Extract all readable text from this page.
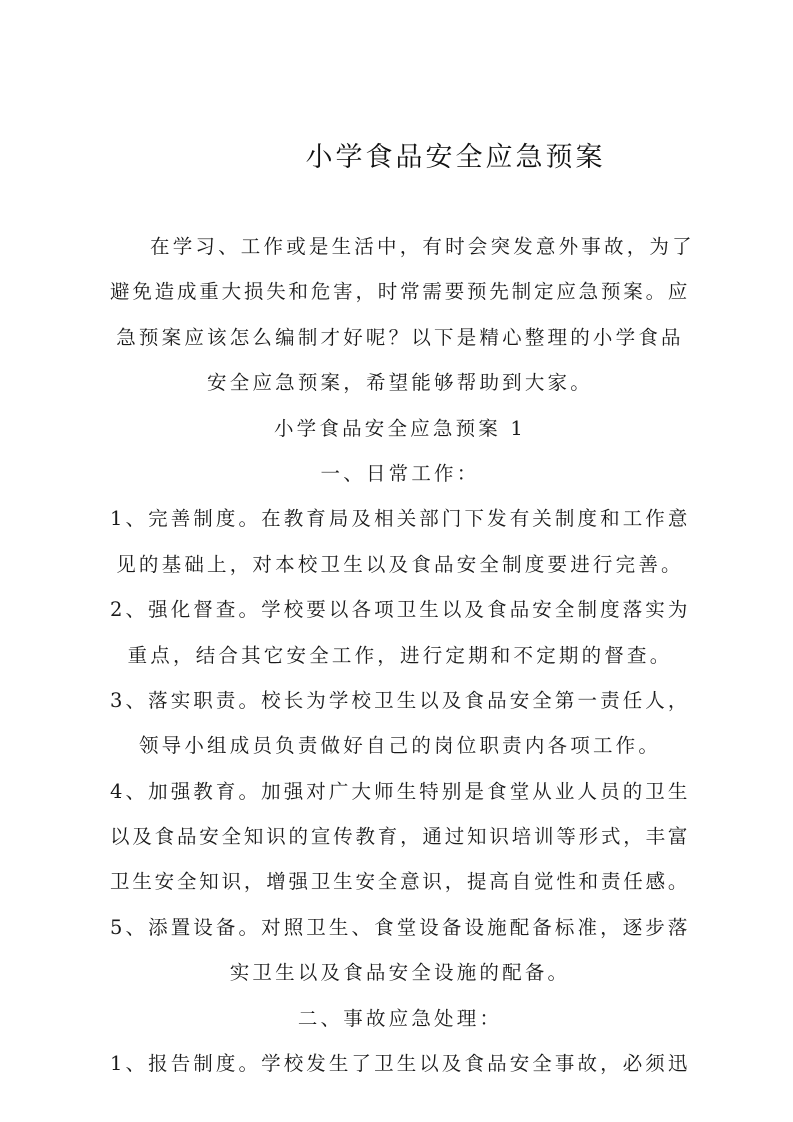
小学食品安全应急预案
在学习、工作或是生活中，有时会突发意外事故，为了
避免造成重大损失和危害，时常需要预先制定应急预案。应
急预案应该怎么编制才好呢？以下是精心整理的小学食品
安全应急预案，希望能够帮助到大家。
小学食品安全应急预案 1
一、日常工作：
1、完善制度。在教育局及相关部门下发有关制度和工作意
见的基础上，对本校卫生以及食品安全制度要进行完善。
2、强化督查。学校要以各项卫生以及食品安全制度落实为
重点，结合其它安全工作，进行定期和不定期的督查。
3、落实职责。校长为学校卫生以及食品安全第一责任人，
领导小组成员负责做好自己的岗位职责内各项工作。
4、加强教育。加强对广大师生特别是食堂从业人员的卫生
以及食品安全知识的宣传教育，通过知识培训等形式，丰富
卫生安全知识，增强卫生安全意识，提高自觉性和责任感。
5、添置设备。对照卫生、食堂设备设施配备标准，逐步落
实卫生以及食品安全设施的配备。
二、事故应急处理：
1、报告制度。学校发生了卫生以及食品安全事故，必须迅
